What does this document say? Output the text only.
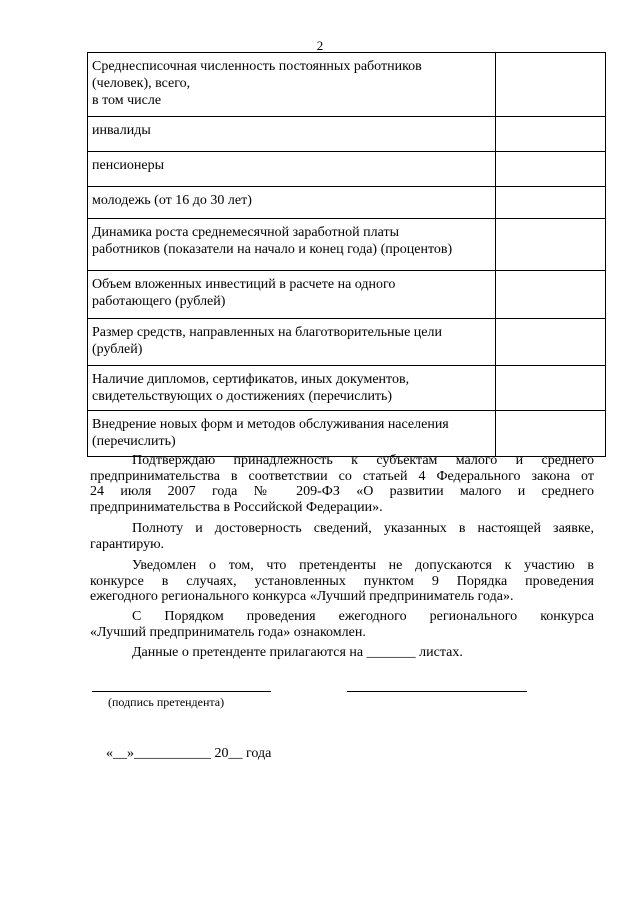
2
Среднесписочная численность постоянных работников
(человек), всего,
в том числе	

инвалиды	

пенсионеры	

молодежь (от 16 до 30 лет)	

Динамика роста среднемесячной заработной платы
работников (показатели на начало и конец года) (процентов)	

Объем вложенных инвестиций в расчете на одного
работающего (рублей)	

Размер средств, направленных на благотворительные цели
(рублей)	

Наличие дипломов, сертификатов, иных документов,
свидетельствующих о достижениях (перечислить)	

Внедрение новых форм и методов обслуживания населения
(перечислить)	

Подтверждаю принадлежность к субъектам малого и среднего
предпринимательства в соответствии со статьей 4 Федерального закона от
24 июля 2007 года № 209-ФЗ «О развитии малого и среднего
предпринимательства в Российской Федерации».
Полноту и достоверность сведений, указанных в настоящей заявке,
гарантирую.
Уведомлен о том, что претенденты не допускаются к участию в
конкурсе в случаях, установленных пунктом 9 Порядка проведения
ежегодного регионального конкурса «Лучший предприниматель года».
С Порядком проведения ежегодного регионального конкурса
«Лучший предприниматель года» ознакомлен.
Данные о претенденте прилагаются на _______ листах.
(подпись претендента)
«__»___________ 20__ года
